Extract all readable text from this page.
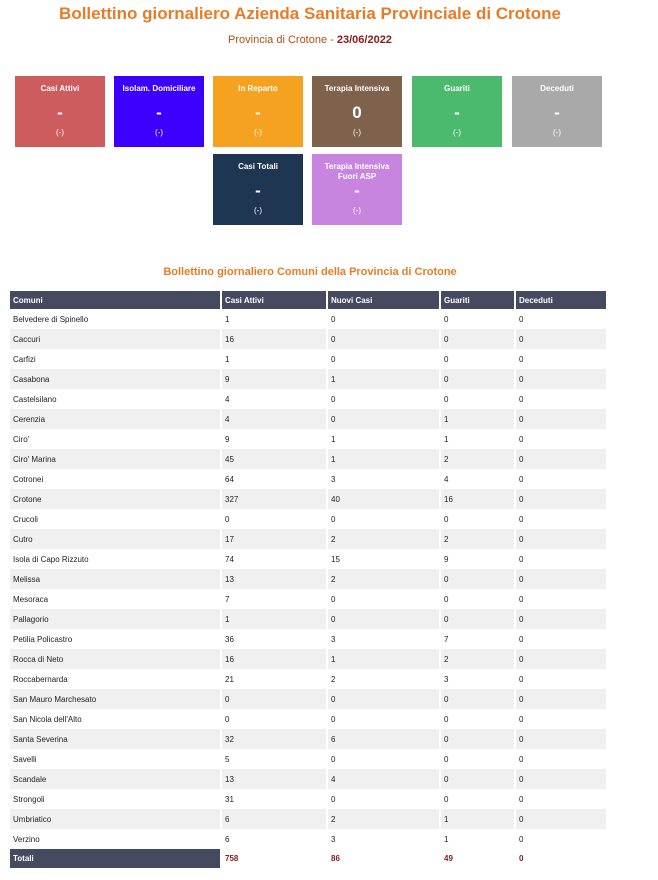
Bollettino giornaliero Azienda Sanitaria Provinciale di Crotone
Provincia di Crotone - 23/06/2022
Casi Attivi
-
(-)
Isolam. Domiciliare
-
(-)
In Reparto
-
(-)
Terapia Intensiva
0
(-)
Guariti
-
(-)
Deceduti
-
(-)
Casi Totali
-
(-)
Terapia Intensiva Fuori ASP
-
(-)
Bollettino giornaliero Comuni della Provincia di Crotone
Comuni	Casi Attivi	Nuovi Casi	Guariti	Deceduti
Belvedere di Spinello	1	0	0	0
Caccuri	16	0	0	0
Carfizi	1	0	0	0
Casabona	9	1	0	0
Castelsilano	4	0	0	0
Cerenzia	4	0	1	0
Ciro'	9	1	1	0
Ciro' Marina	45	1	2	0
Cotronei	64	3	4	0
Crotone	327	40	16	0
Crucoli	0	0	0	0
Cutro	17	2	2	0
Isola di Capo Rizzuto	74	15	9	0
Melissa	13	2	0	0
Mesoraca	7	0	0	0
Pallagorio	1	0	0	0
Petilia Policastro	36	3	7	0
Rocca di Neto	16	1	2	0
Roccabernarda	21	2	3	0
San Mauro Marchesato	0	0	0	0
San Nicola dell'Alto	0	0	0	0
Santa Severina	32	6	0	0
Savelli	5	0	0	0
Scandale	13	4	0	0
Strongoli	31	0	0	0
Umbriatico	6	2	1	0
Verzino	6	3	1	0
Totali	758	86	49	0
